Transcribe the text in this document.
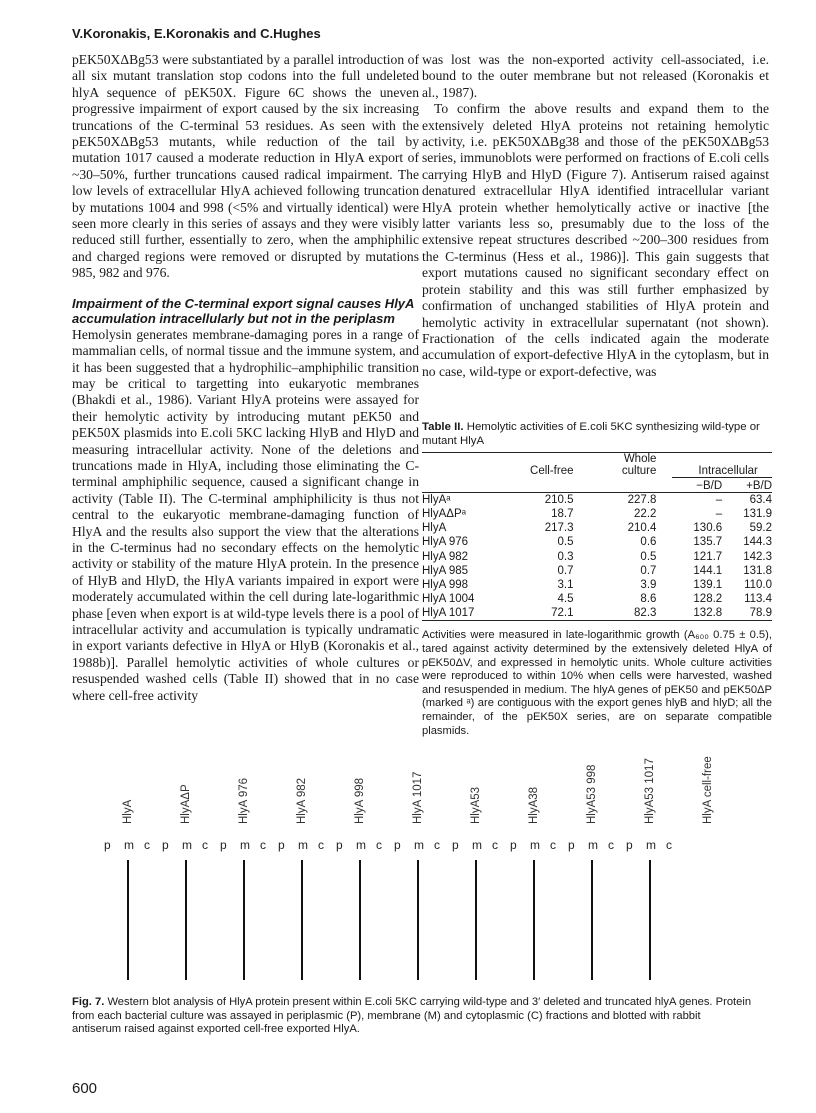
V.Koronakis, E.Koronakis and C.Hughes

pEK50XΔBg53 were substantiated by a parallel introduction of all six mutant translation stop codons into the full undeleted hlyA sequence of pEK50X. Figure 6C shows the uneven progressive impairment of export caused by the six increasing truncations of the C-terminal 53 residues. As seen with the pEK50XΔBg53 mutants, while reduction of the tail by mutation 1017 caused a moderate reduction in HlyA export of ~30–50%, further truncations caused radical impairment. The low levels of extracellular HlyA achieved following truncation by mutations 1004 and 998 (<5% and virtually identical) were seen more clearly in this series of assays and they were visibly reduced still further, essentially to zero, when the amphiphilic and charged regions were removed or disrupted by mutations 985, 982 and 976.

Impairment of the C-terminal export signal causes HlyA accumulation intracellularly but not in the periplasm

Hemolysin generates membrane-damaging pores in a range of mammalian cells, of normal tissue and the immune system, and it has been suggested that a hydrophilic–amphiphilic transition may be critical to targetting into eukaryotic membranes (Bhakdi et al., 1986). Variant HlyA proteins were assayed for their hemolytic activity by introducing mutant pEK50 and pEK50X plasmids into E.coli 5KC lacking HlyB and HlyD and measuring intracellular activity. None of the deletions and truncations made in HlyA, including those eliminating the C-terminal amphiphilic sequence, caused a significant change in activity (Table II). The C-terminal amphiphilicity is thus not central to the eukaryotic membrane-damaging function of HlyA and the results also support the view that the alterations in the C-terminus had no secondary effects on the hemolytic activity or stability of the mature HlyA protein. In the presence of HlyB and HlyD, the HlyA variants impaired in export were moderately accumulated within the cell during late-logarithmic phase [even when export is at wild-type levels there is a pool of intracellular activity and accumulation is typically undramatic in export variants defective in HlyA or HlyB (Koronakis et al., 1988b)]. Parallel hemolytic activities of whole cultures or resuspended washed cells (Table II) showed that in no case where cell-free activity

was lost was the non-exported activity cell-associated, i.e. bound to the outer membrane but not released (Koronakis et al., 1987).

To confirm the above results and expand them to the extensively deleted HlyA proteins not retaining hemolytic activity, i.e. pEK50XΔBg38 and those of the pEK50XΔBg53 series, immunoblots were performed on fractions of E.coli cells carrying HlyB and HlyD (Figure 7). Antiserum raised against denatured extracellular HlyA identified intracellular variant HlyA protein whether hemolytically active or inactive [the latter variants less so, presumably due to the loss of the extensive repeat structures described ~200–300 residues from the C-terminus (Hess et al., 1986)]. This gain suggests that export mutations caused no significant secondary effect on protein stability and this was still further emphasized by confirmation of unchanged stabilities of HlyA protein and hemolytic activity in extracellular supernatant (not shown). Fractionation of the cells indicated again the moderate accumulation of export-defective HlyA in the cytoplasm, but in no case, wild-type or export-defective, was

Table II. Hemolytic activities of E.coli 5KC synthesizing wild-type or mutant HlyA
	Cell-free	Whole culture	Intracellular	

			−B/D	+B/D

HlyAᵃ	210.5	227.8	–	63.4
HlyAΔPᵃ	18.7	22.2	–	131.9
HlyA	217.3	210.4	130.6	59.2
HlyA 976	0.5	0.6	135.7	144.3
HlyA 982	0.3	0.5	121.7	142.3
HlyA 985	0.7	0.7	144.1	131.8
HlyA 998	3.1	3.9	139.1	110.0
HlyA 1004	4.5	8.6	128.2	113.4
HlyA 1017	72.1	82.3	132.8	78.9
Activities were measured in late-logarithmic growth (A₆₀₀ 0.75 ± 0.5), tared against activity determined by the extensively deleted HlyA of pEK50ΔV, and expressed in hemolytic units. Whole culture activities were reproduced to within 10% when cells were harvested, washed and resuspended in medium. The hlyA genes of pEK50 and pEK50ΔP (marked ᵃ) are contiguous with the export genes hlyB and hlyD; all the remainder, of the pEK50X series, are on separate compatible plasmids.
HlyA
p m c
HlyAΔP
p m c
HlyA 976
p m c
HlyA 982
p m c
HlyA 998
p m c
HlyA 1017
p m c
HlyA53
p m c
HlyA38
p m c
HlyA53 998
p m c
HlyA53 1017
p m c
HlyA cell-free
Fig. 7. Western blot analysis of HlyA protein present within E.coli 5KC carrying wild-type and 3′ deleted and truncated hlyA genes. Protein from each bacterial culture was assayed in periplasmic (P), membrane (M) and cytoplasmic (C) fractions and blotted with rabbit antiserum raised against exported cell-free exported HlyA.
600
